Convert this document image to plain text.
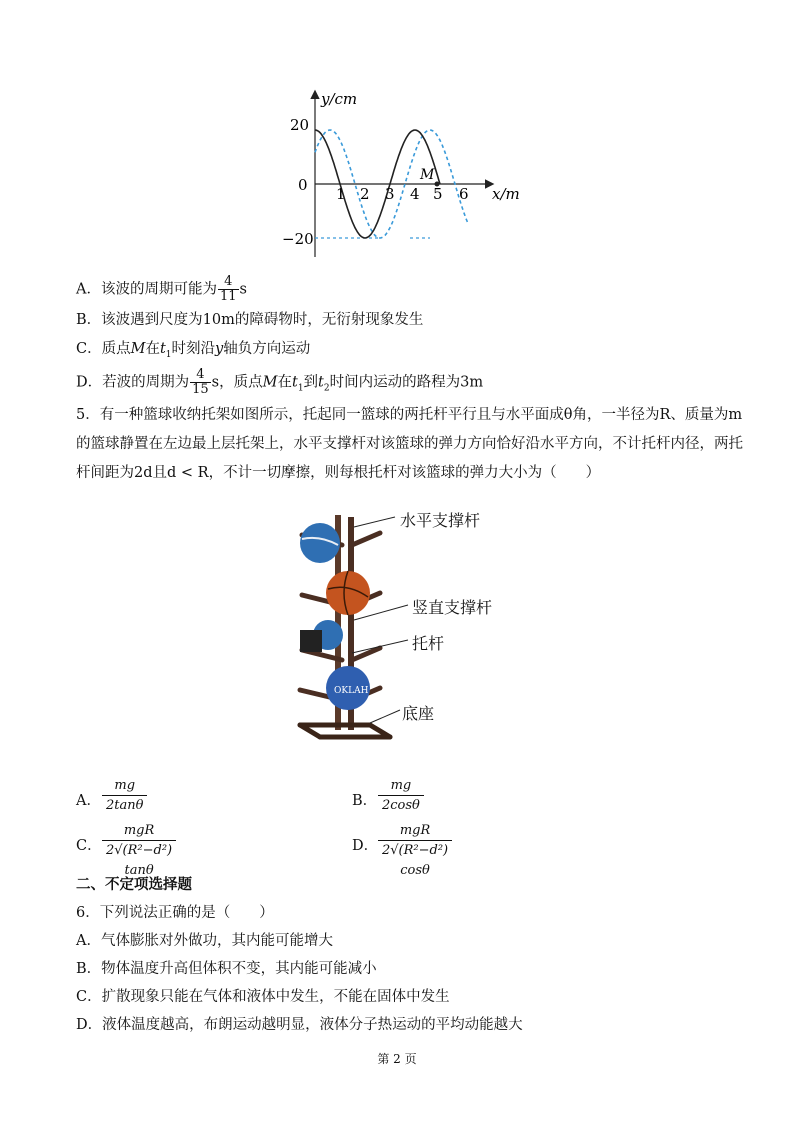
M
y/cm
x/m
20
0
−20
1 2 3 4 5 6
A．该波的周期可能为 $\frac{4}{11}$ s
B．该波遇到尺度为10m的障碍物时，无衍射现象发生
C．质点M在$t_1$时刻沿y轴负方向运动
D．若波的周期为 $\frac{4}{15}$ s，质点M在$t_1$到$t_2$时间内运动的路程为3m
5．有一种篮球收纳托架如图所示，托起同一篮球的两托杆平行且与水平面成θ角，一半径为R、质量为m
的篮球静置在左边最上层托架上，水平支撑杆对该篮球的弹力方向恰好沿水平方向，不计托杆内径，两托
杆间距为2d且d < R，不计一切摩擦，则每根托杆对该篮球的弹力大小为（　　）
OKLAH
水平支撑杆
竖直支撑杆
托杆
底座
A．
mg
2tanθ	B．
mg
2cosθ
C．
mgR
2√(R²−d²) tanθ
D．
mgR
2√(R²−d²) cosθ
二、不定项选择题
6．下列说法正确的是（　　）
A．气体膨胀对外做功，其内能可能增大
B．物体温度升高但体积不变，其内能可能减小
C．扩散现象只能在气体和液体中发生，不能在固体中发生
D．液体温度越高，布朗运动越明显，液体分子热运动的平均动能越大
第 2 页
